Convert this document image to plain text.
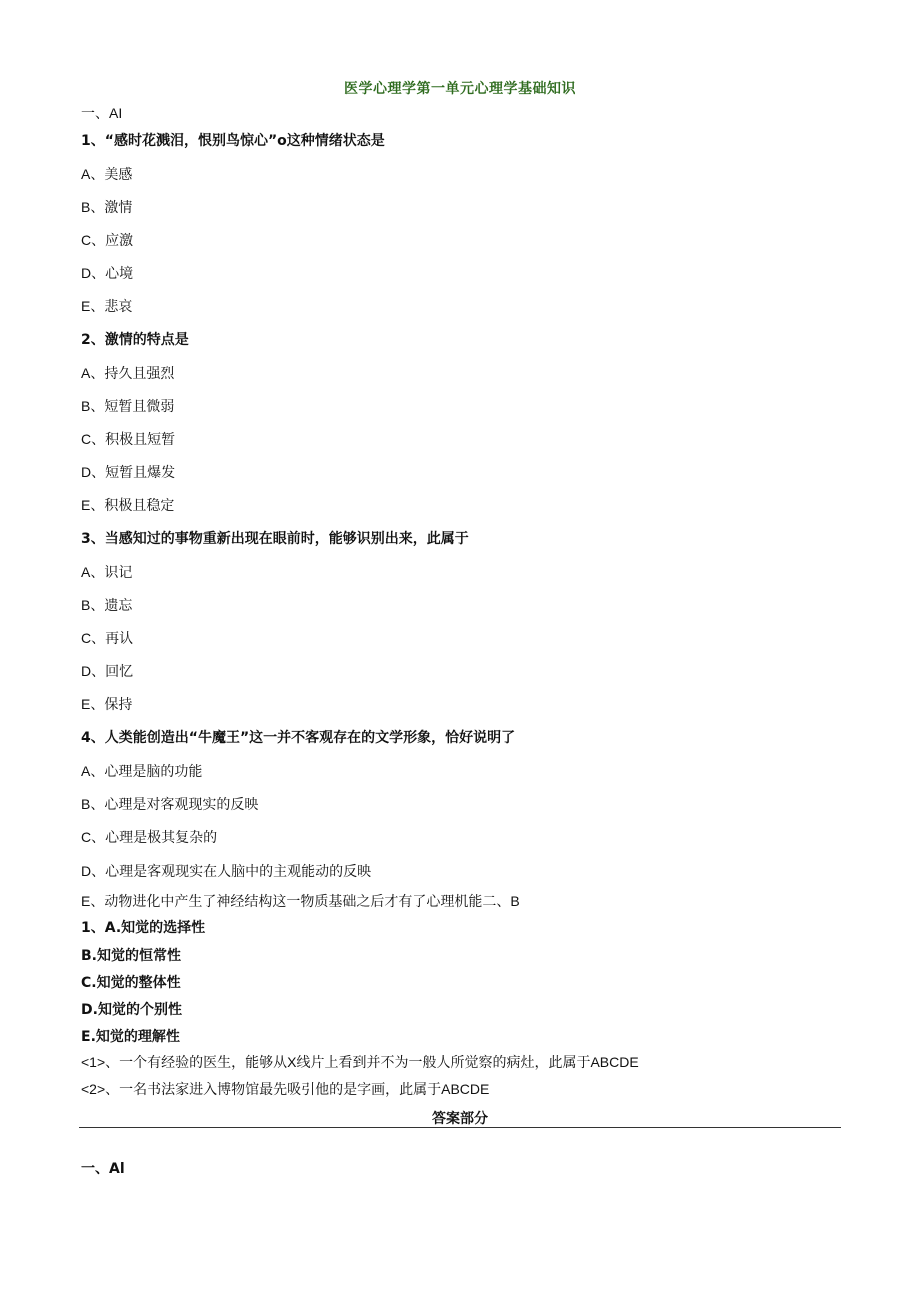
医学心理学第一单元心理学基础知识
一、AI
1、“感时花溅泪，恨别鸟惊心”o这种情绪状态是
A、美感
B、激情
C、应激
D、心境
E、悲哀
2、激情的特点是
A、持久且强烈
B、短暂且微弱
C、积极且短暂
D、短暂且爆发
E、积极且稳定
3、当感知过的事物重新出现在眼前时，能够识别出来，此属于
A、识记
B、遗忘
C、再认
D、回忆
E、保持
4、人类能创造出“牛魔王”这一并不客观存在的文学形象，恰好说明了
A、心理是脑的功能
B、心理是对客观现实的反映
C、心理是极其复杂的
D、心理是客观现实在人脑中的主观能动的反映
E、动物进化中产生了神经结构这一物质基础之后才有了心理机能二、B
1、A.知觉的选择性
B.知觉的恒常性
C.知觉的整体性
D.知觉的个别性
E.知觉的理解性
<1>、一个有经验的医生，能够从X线片上看到并不为一般人所觉察的病灶，此属于ABCDE
<2>、一名书法家进入博物馆最先吸引他的是字画，此属于ABCDE
答案部分
一、Al
